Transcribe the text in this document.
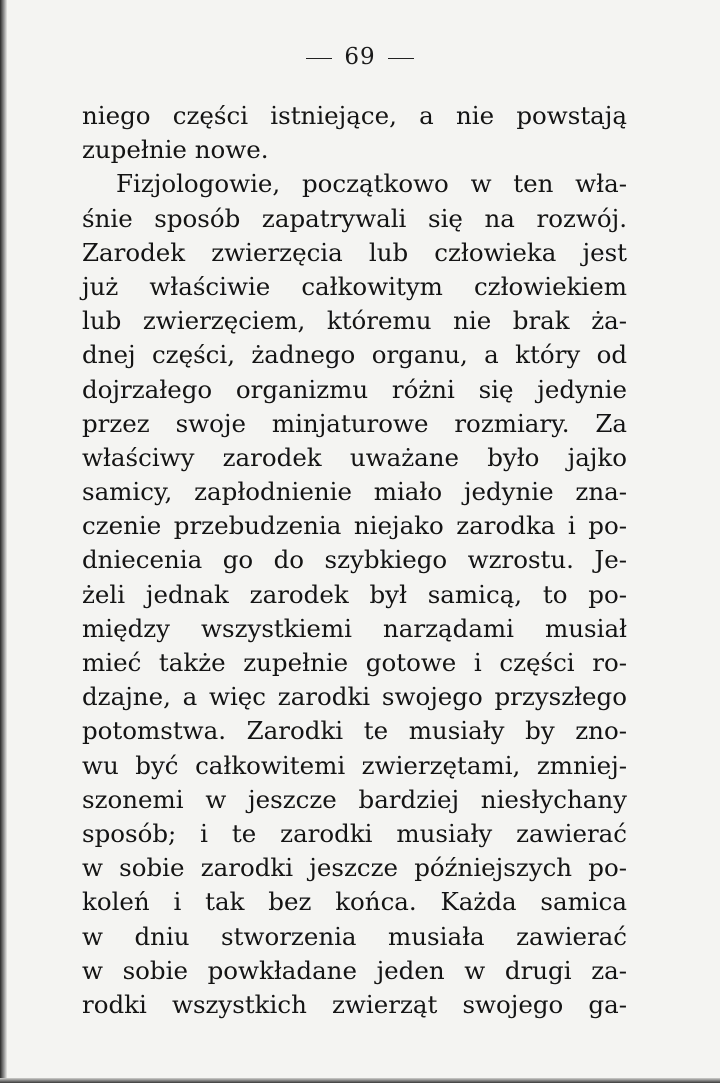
69
niego części istniejące, a nie powstają
zupełnie nowe.
Fizjologowie, początkowo w ten wła-
śnie sposób zapatrywali się na rozwój.
Zarodek zwierzęcia lub człowieka jest
już właściwie całkowitym człowiekiem
lub zwierzęciem, któremu nie brak ża-
dnej części, żadnego organu, a który od
dojrzałego organizmu różni się jedynie
przez swoje minjaturowe rozmiary. Za
właściwy zarodek uważane było jajko
samicy, zapłodnienie miało jedynie zna-
czenie przebudzenia niejako zarodka i po-
dniecenia go do szybkiego wzrostu. Je-
żeli jednak zarodek był samicą, to po-
między wszystkiemi narządami musiał
mieć także zupełnie gotowe i części ro-
dzajne, a więc zarodki swojego przyszłego
potomstwa. Zarodki te musiały by zno-
wu być całkowitemi zwierzętami, zmniej-
szonemi w jeszcze bardziej niesłychany
sposób; i te zarodki musiały zawierać
w sobie zarodki jeszcze późniejszych po-
koleń i tak bez końca. Każda samica
w dniu stworzenia musiała zawierać
w sobie powkładane jeden w drugi za-
rodki wszystkich zwierząt swojego ga-
